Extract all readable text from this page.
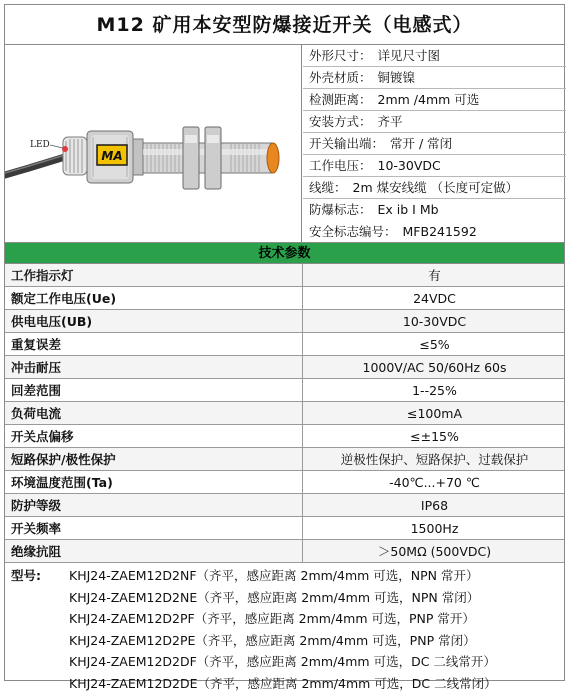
M12 矿用本安型防爆接近开关（电感式）
LED
MA
外形尺寸： 详见尺寸图
外壳材质： 铜镀镍
检测距离： 2mm /4mm 可选
安装方式： 齐平
开关输出端： 常开 / 常闭
工作电压： 10-30VDC
线缆： 2m 煤安线缆 （长度可定做）
防爆标志： Ex ib I Mb
安全标志编号： MFB241592
技术参数
工作指示灯	有
额定工作电压(Ue)	24VDC
供电电压(UB)	10-30VDC
重复误差	≤5%
冲击耐压	1000V/AC 50/60Hz 60s
回差范围	1--25%
负荷电流	≤100mA
开关点偏移	≤±15%
短路保护/极性保护	逆极性保护、短路保护、过载保护
环境温度范围(Ta)	-40℃...+70 ℃
防护等级	IP68
开关频率	1500Hz
绝缘抗阻	＞50MΩ (500VDC)
型号: KHJ24-ZAEM12D2NF（齐平，感应距离 2mm/4mm 可选，NPN 常开）
KHJ24-ZAEM12D2NE（齐平，感应距离 2mm/4mm 可选，NPN 常闭）
KHJ24-ZAEM12D2PF（齐平，感应距离 2mm/4mm 可选，PNP 常开）
KHJ24-ZAEM12D2PE（齐平，感应距离 2mm/4mm 可选，PNP 常闭）
KHJ24-ZAEM12D2DF（齐平，感应距离 2mm/4mm 可选，DC 二线常开）
KHJ24-ZAEM12D2DE（齐平，感应距离 2mm/4mm 可选，DC 二线常闭）
